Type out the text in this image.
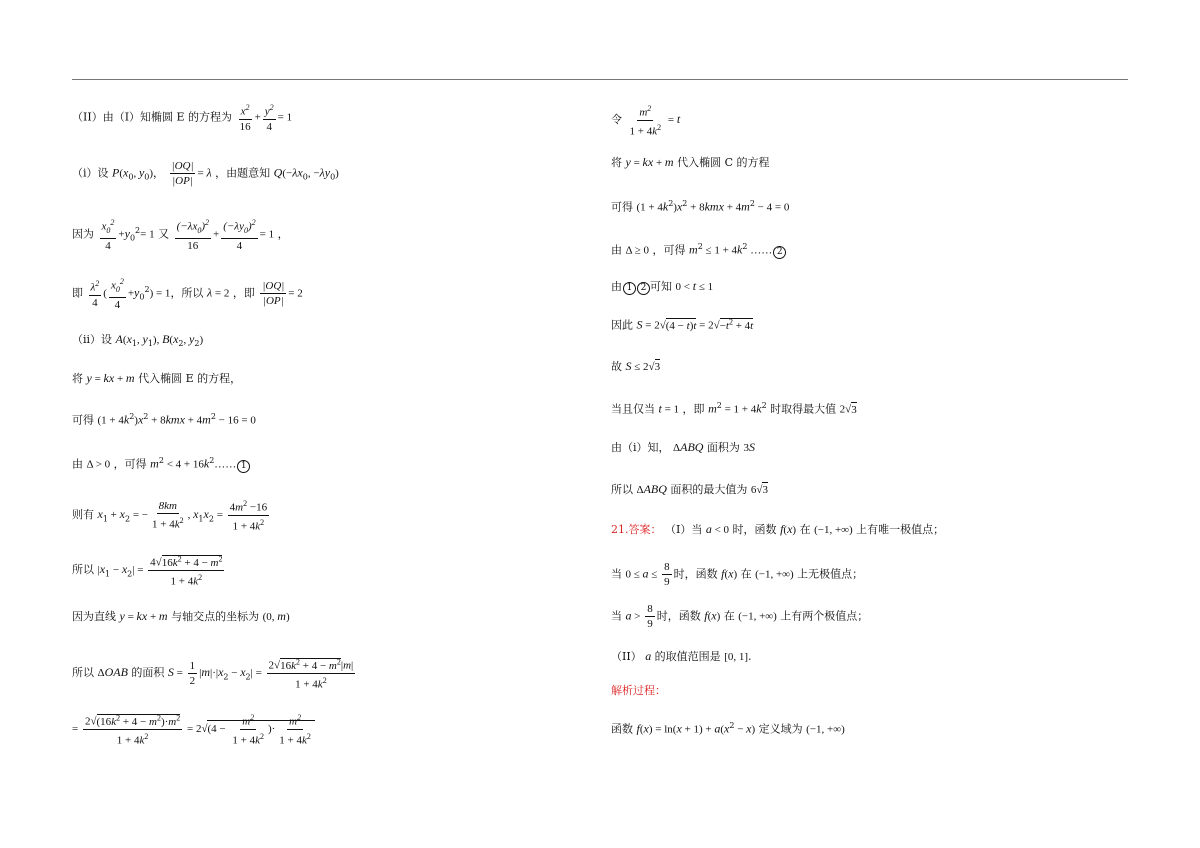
（II）由（I）知椭圆 E 的方程为 $\frac{x^2}{16} + \frac{y^2}{4} = 1$
（i）设 $P(x_0$, $y_0$)， $\frac{|OQ|}{|OP|} = \lambda$ ，由题意知 $Q(-\lambda x_0$, $-\lambda y_0$)
因为 $\frac{x_0^2}{4} +y_0^2= 1$ 又 $\frac{(-\lambda x_0)^2}{16} + \frac{(-\lambda y_0)^2}{4} = 1$ ，
即 $\frac{\lambda^2}{4}$ ( $\frac{x_0^2}{4} +y_0^2) = 1$，所以 λ = 2 ，即 $\frac{|OQ|}{|OP|} = 2$
（ii）设 $A(x_1$, $y_1$), $B(x_2$, $y_2$)
将 y = kx + m 代入椭圆 E 的方程，
可得 $(1 + 4k^2)x^2 + 8kmx + 4m^2 - 16 = 0$
由 Δ > 0 ，可得 $m^2 < 4$ + $16k^2\dots\dots$ 1
则有 $x_1 + x_2$ = − $\frac{8km}{1 + 4k^2}$ , $x_1x_2 = \frac{4m^2 -16}{1 + 4k^2}$
所以 $|x_1 - x_2| = \frac{4√16k^2 + 4 - m^2}{1 + 4k^2}$
因为直线 y = kx + m 与轴交点的坐标为 (0, m)
所以 ΔOAB 的面积 $S = \frac{1}{2} |m|\cdot|x_2 - x_2| = \frac{2√16k^2 + 4 - m^2|m|}{1 + 4k^2}$
= $\frac{2√(16k^2 + 4 - m^2)\cdot m^2}{1 + 4k^2} = 2√(4 - \frac{m^2}{1 + 4k^2}$ )· $\frac{m^2}{1 + 4k^2}$
令 $\frac{m^2}{1 + 4k^2} = t$
将 y = kx + m 代入椭圆 C 的方程
可得 $(1 + 4k^2)x^2 + 8kmx + 4m^2 - 4 = 0$
由 Δ ≥ 0 ，可得 $m^2 \le 1 + 4k^2$ …… 2
由 1 2 可知 0 < t ≤ 1
因此 $S = 2√(4 - t)t = 2√-t^2 + 4t$
故 S ≤ 2√3
当且仅当 t = 1 ，即 $m^2 = 1 + 4k^2$ 时取得最大值 2√3
由（i）知， ΔABQ 面积为 3S
所以 ΔABQ 面积的最大值为 6√3
21.答案： （I）当 a < 0 时，函数 f(x) 在 (−1, +∞) 上有唯一极值点；
当 $0 \le a \le \frac{8}{9}$ 时，函数 f(x) 在 (−1, +∞) 上无极值点；
当 $a > \frac{8}{9}$ 时，函数 f(x) 在 (−1, +∞) 上有两个极值点；
（II） a 的取值范围是 [0, 1].
解析过程：
函数 $f(x) = \ln(x + 1) + a(x^2 - x)$ 定义域为 (−1, +∞)
